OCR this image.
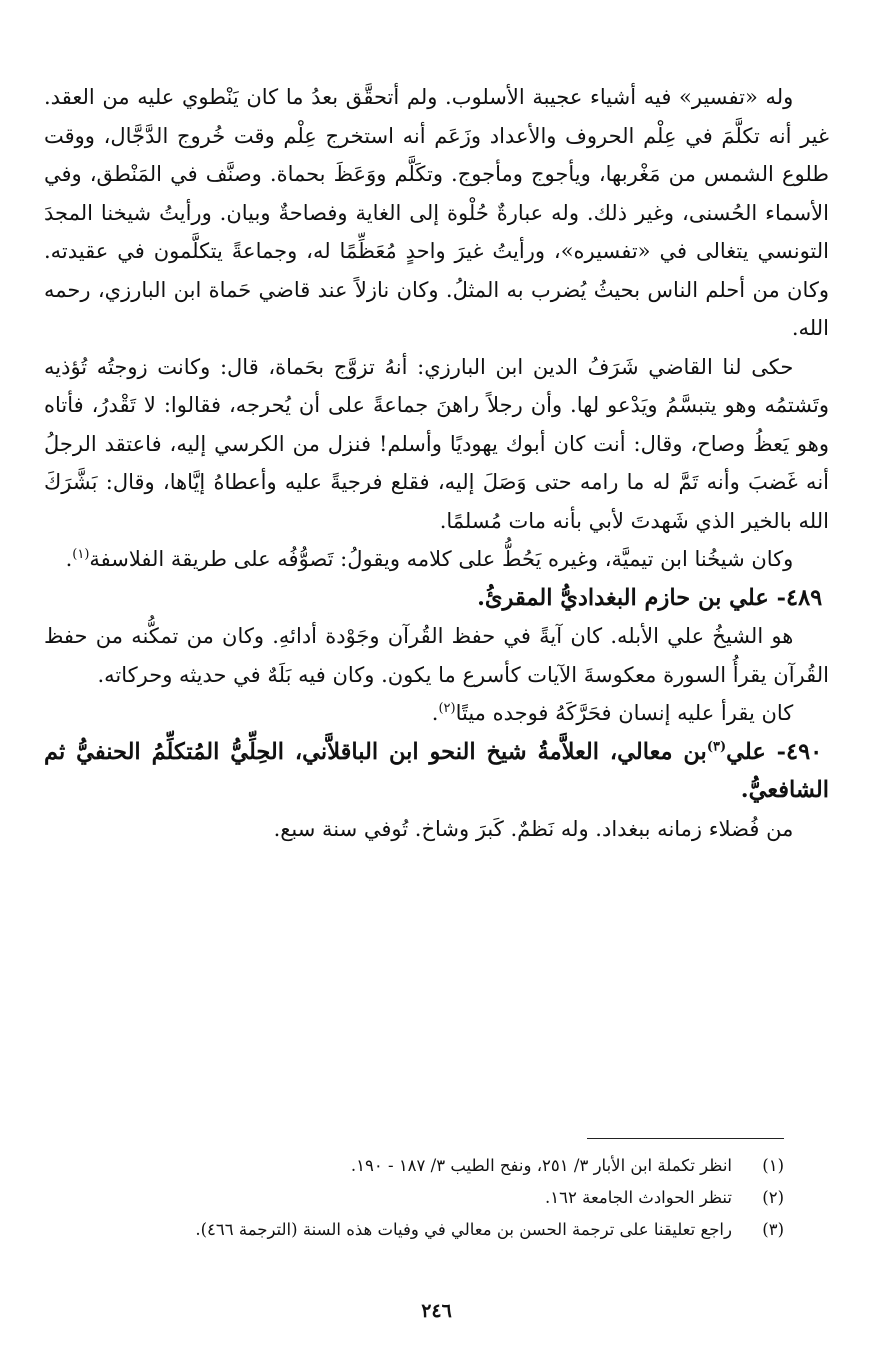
وله «تفسير» فيه أشياء عجيبة الأسلوب. ولم أتحقَّق بعدُ ما كان يَنْطوي عليه من العقد. غير أنه تكلَّمَ في عِلْم الحروف والأعداد وزَعَم أنه استخرج عِلْم وقت خُروج الدَّجَّال، ووقت طلوع الشمس من مَغْربها، ويأجوج ومأجوج. وتكَلَّم ووَعَظَ بحماة. وصنَّف في المَنْطق، وفي الأسماء الحُسنى، وغير ذلك. وله عبارةٌ حُلْوة إلى الغاية وفصاحةٌ وبيان. ورأيتُ شيخنا المجدَ التونسي يتغالى في «تفسيره»، ورأيتُ غيرَ واحدٍ مُعَظِّمًا له، وجماعةً يتكلَّمون في عقيدته. وكان من أحلم الناس بحيثُ يُضرب به المثلُ. وكان نازلاً عند قاضي حَماة ابن البارزي، رحمه الله.

حكى لنا القاضي شَرَفُ الدين ابن البارزي: أنهُ تزوَّج بحَماة، قال: وكانت زوجتُه تُؤذيه وتَشتمُه وهو يتبسَّمُ ويَدْعو لها. وأن رجلاً راهنَ جماعةً على أن يُحرجه، فقالوا: لا تَقْدرُ، فأتاه وهو يَعظُ وصاح، وقال: أنت كان أبوك يهوديًا وأسلم! فنزل من الكرسي إليه، فاعتقد الرجلُ أنه غَضبَ وأنه تَمَّ له ما رامه حتى وَصَلَ إليه، فقلع فرجيةً عليه وأعطاهُ إيَّاها، وقال: بَشَّرَكَ الله بالخير الذي شَهدتَ لأبي بأنه مات مُسلمًا.

وكان شيخُنا ابن تيميَّة، وغيره يَحُطُّ على كلامه ويقولُ: تَصوُّفُه على طريقة الفلاسفة$^{(١)}$.

٤٨٩- علي بن حازم البغداديُّ المقرئُ.

هو الشيخُ علي الأبله. كان آيةً في حفظ القُرآن وجَوْدة أدائهِ. وكان من تمكُّنه من حفظ القُرآن يقرأُ السورة معكوسةَ الآيات كأسرع ما يكون. وكان فيه بَلَهٌ في حديثه وحركاته.

كان يقرأ عليه إنسان فحَرَّكَهُ فوجده ميتًا$^{(٢)}$.

٤٩٠- علي$^{(٣)}$بن معالي، العلاَّمةُ شيخ النحو ابن الباقلاَّني، الحِلِّيُّ المُتكلِّمُ الحنفيُّ ثم الشافعيُّ.

من فُضلاء زمانه ببغداد. وله نَظمٌ. كَبرَ وشاخ. تُوفي سنة سبع.

(١)
انظر تكملة ابن الأبار ٣/ ٢٥١، ونفح الطيب ٣/ ١٨٧ - ١٩٠.
(٢)
تنظر الحوادث الجامعة ١٦٢.
(٣)
راجع تعليقنا على ترجمة الحسن بن معالي في وفيات هذه السنة (الترجمة ٤٦٦).
٢٤٦
